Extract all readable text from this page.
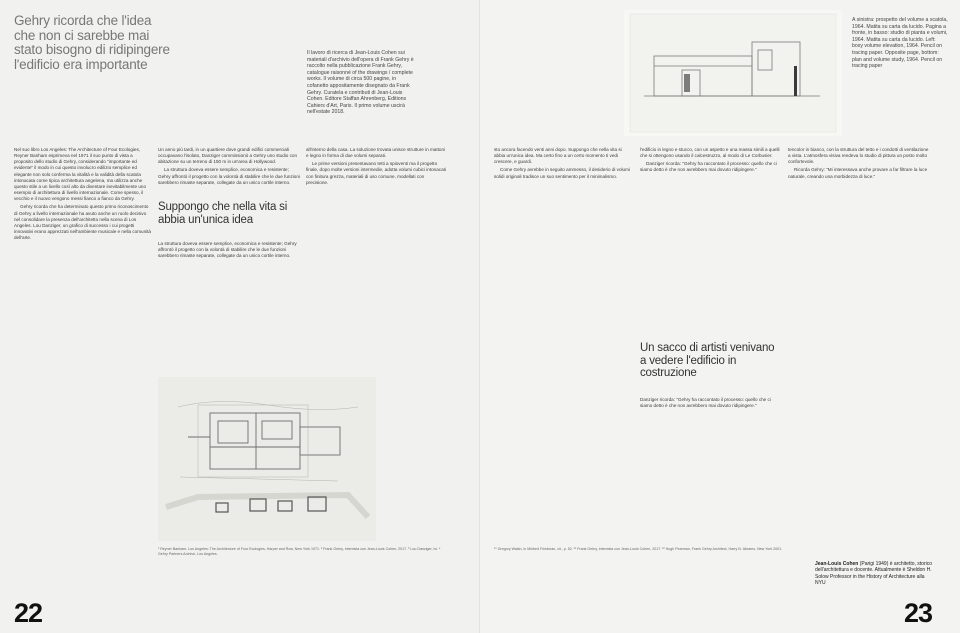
Gehry ricorda che l'idea che non ci sarebbe mai stato bisogno di ridipingere l'edificio era importante
Il lavoro di ricerca di Jean-Louis Cohen sui materiali d'archivio dell'opera di Frank Gehry è raccolto nella pubblicazione Frank Gehry, catalogue raisonné of the drawings / complete works. Il volume di circa 500 pagine, in cofanetto appositamente disegnato da Frank Gehry. Curatela e contributi di Jean-Louis Cohen. Editore Staffan Ahrenberg, Editions Cahiers d'Art, Paris. Il primo volume uscirà nell'estate 2018.

Nel suo libro Los Angeles: The Architecture of Four Ecologies, Reyner Banham esprimeva nel 1971 il suo punto di vista a proposito dello studio di Gehry, considerando "importante ed evidente" il modo in cui questo involucro edilizio semplice ed elegante non solo conferma la vitalità e la validità della scatola intonacata come tipica architettura angelena, ma utilizza anche questo stile a un livello così alto da diventare inevitabilmente uno esempio di architettura di livello internazionale. Come spesso, il vecchio e il nuovo vengono messi fianco a fianco da Gehry.

Gehry ricorda che ha determinato questo primo riconoscimento di Gehry a livello internazionale ha avuto anche un ruolo decisivo nel consolidare la presenza dell'architetto nella scena di Los Angeles. Lou Danziger, un grafico di successo i cui progetti innovativi erano apprezzati nell'ambiente musicale e nella comunità dell'arte.

Un anno più tardi, in un quartiere dove grandi edifici commerciali occupavano l'isolato, Danziger commissionò a Gehry uno studio con abitazione su un terreno di 150 m in un'area di Hollywood.

La struttura doveva essere semplice, economica e resistente; Gehry affrontò il progetto con la volontà di stabilire che le due funzioni sarebbero rimaste separate, collegate da un unico cortile interno.

Suppongo che nella vita si abbia un'unica idea

La struttura doveva essere semplice, economica e resistente; Gehry affrontò il progetto con la volontà di stabilire che le due funzioni sarebbero rimaste separate, collegate da un unico cortile interno.

all'interno della casa. La soluzione trovata unisce strutture in mattoni e legno in forma di due volumi separati.

Le prime versioni presentavano tetti a spioventi ma il progetto finale, dopo molte versioni intermedie, adotta volumi cubici intonacati con finitura grezza, materiali di uso comune, modellati con precisione.

¹ Reyner Banham, Los Angeles: The Architecture of Four Ecologies, Harper and Row, New York 1971. ² Frank Gehry, intervista con Jean-Louis Cohen, 2017. ³ Lou Danziger, ivi. ⁴ Gehry Partners Archive, Los Angeles.
22
A sinistra: prospetto del volume a scatola, 1964. Matita su carta da lucido. Pagina a fronte, in basso: studio di pianta e volumi, 1964. Matita su carta da lucido. Left: boxy volume elevation, 1964. Pencil on tracing paper. Opposite page, bottom: plan and volume study, 1964. Pencil on tracing paper

sto ancora facendo venti anni dopo. Suppongo che nella vita si abbia un'unica idea. Ma certo fino a un certo momento ti vedi crescere, e guardi.

Come Gehry avrebbe in seguito ammesso, il desiderio di volumi solidi originali tradisce un suo sentimento per il minimalismo.

l'edificio in legno e stucco, con un aspetto e una massa simili a quelli che si ottengono usando il calcestruzzo, al modo di Le Corbusier.

Danziger ricorda: "Gehry ha raccontato il processo: quello che ci siamo detto è che non avrebbero mai dovuto ridipingere."

Un sacco di artisti venivano a vedere l'edificio in costruzione

Danziger ricorda: "Gehry ha raccontato il processo: quello che ci siamo detto è che non avrebbero mai dovuto ridipingere."

tencolor in bianco, con la struttura del tetto e i condotti di ventilazione a vista. L'atmosfera visiva rendeva lo studio di pittura un posto molto confortevole.

Ricorda Gehry: "Mi interessava anche provare a far filtrare la luce naturale, creando una morbidezza di luce."

¹⁰ Gregory Walsh, in Mildred Friedman, cit., p. 52. ¹¹ Frank Gehry, intervista con Jean-Louis Cohen, 2017. ¹² Hugh Pearman, Frank Gehry Architect, Harry N. Abrams, New York 2001.
Jean-Louis Cohen (Parigi 1949) è architetto, storico dell'architettura e docente. Attualmente è Sheldon H. Solow Professor in the History of Architecture alla NYU
23
